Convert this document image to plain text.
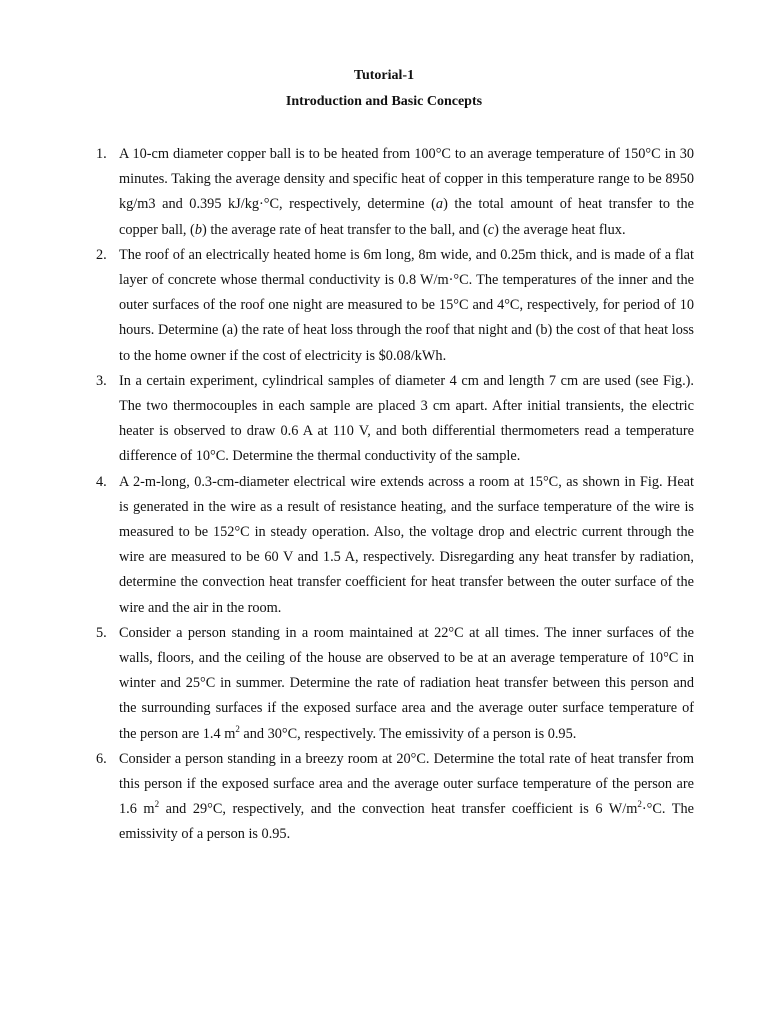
Tutorial-1
Introduction and Basic Concepts
1. A 10-cm diameter copper ball is to be heated from 100°C to an average temperature of 150°C in 30 minutes. Taking the average density and specific heat of copper in this temperature range to be 8950 kg/m3 and 0.395 kJ/kg·°C, respectively, determine (a) the total amount of heat transfer to the copper ball, (b) the average rate of heat transfer to the ball, and (c) the average heat flux.
2. The roof of an electrically heated home is 6m long, 8m wide, and 0.25m thick, and is made of a flat layer of concrete whose thermal conductivity is 0.8 W/m·°C. The temperatures of the inner and the outer surfaces of the roof one night are measured to be 15°C and 4°C, respectively, for period of 10 hours. Determine (a) the rate of heat loss through the roof that night and (b) the cost of that heat loss to the home owner if the cost of electricity is $0.08/kWh.
3. In a certain experiment, cylindrical samples of diameter 4 cm and length 7 cm are used (see Fig.). The two thermocouples in each sample are placed 3 cm apart. After initial transients, the electric heater is observed to draw 0.6 A at 110 V, and both differential thermometers read a temperature difference of 10°C. Determine the thermal conductivity of the sample.
4. A 2-m-long, 0.3-cm-diameter electrical wire extends across a room at 15°C, as shown in Fig. Heat is generated in the wire as a result of resistance heating, and the surface temperature of the wire is measured to be 152°C in steady operation. Also, the voltage drop and electric current through the wire are measured to be 60 V and 1.5 A, respectively. Disregarding any heat transfer by radiation, determine the convection heat transfer coefficient for heat transfer between the outer surface of the wire and the air in the room.
5. Consider a person standing in a room maintained at 22°C at all times. The inner surfaces of the walls, floors, and the ceiling of the house are observed to be at an average temperature of 10°C in winter and 25°C in summer. Determine the rate of radiation heat transfer between this person and the surrounding surfaces if the exposed surface area and the average outer surface temperature of the person are 1.4 $m^2$ and 30°C, respectively. The emissivity of a person is 0.95.
6. Consider a person standing in a breezy room at 20°C. Determine the total rate of heat transfer from this person if the exposed surface area and the average outer surface temperature of the person are 1.6 $m^2$ and 29°C, respectively, and the convection heat transfer coefficient is 6 $W/m^2\cdot^\circ C$. The emissivity of a person is 0.95.
